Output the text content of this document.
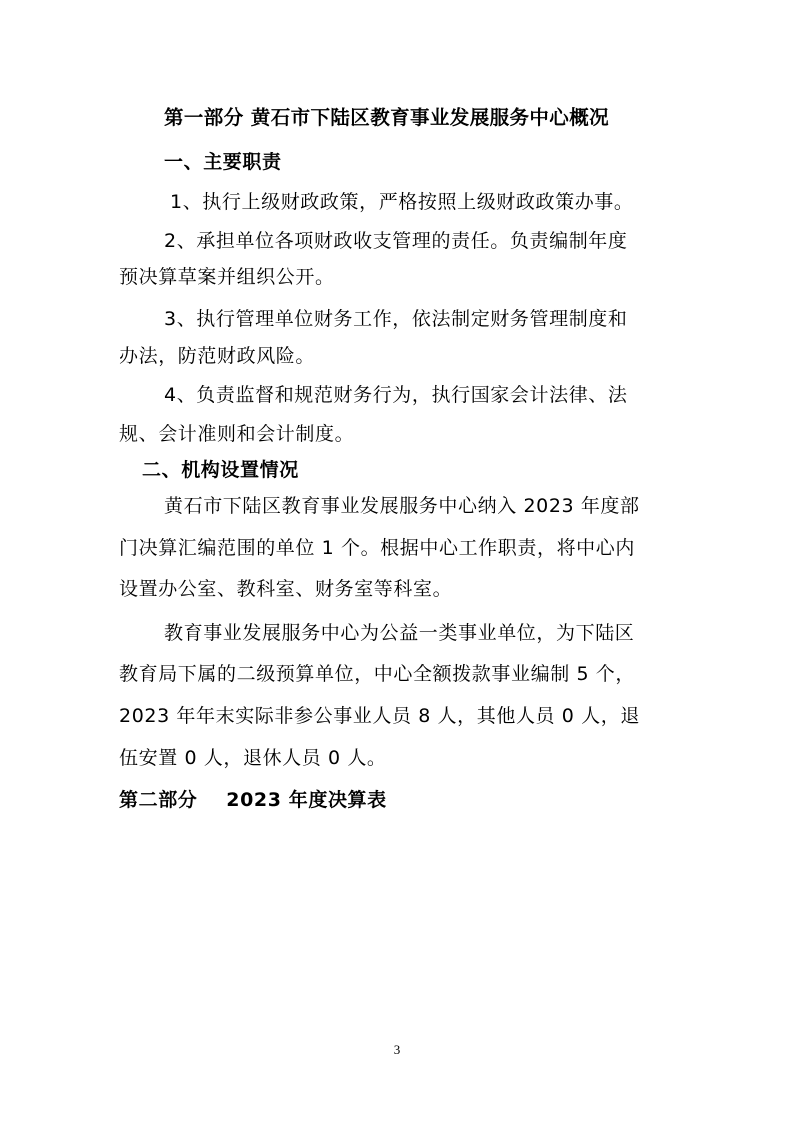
第一部分 黄石市下陆区教育事业发展服务中心概况
一、主要职责
1、执行上级财政政策，严格按照上级财政政策办事。
2、承担单位各项财政收支管理的责任。负责编制年度
预决算草案并组织公开。
3、执行管理单位财务工作，依法制定财务管理制度和
办法，防范财政风险。
4、负责监督和规范财务行为，执行国家会计法律、法
规、会计准则和会计制度。
二、机构设置情况
黄石市下陆区教育事业发展服务中心纳入 2023 年度部
门决算汇编范围的单位 1 个。根据中心工作职责，将中心内
设置办公室、教科室、财务室等科室。
教育事业发展服务中心为公益一类事业单位，为下陆区
教育局下属的二级预算单位，中心全额拨款事业编制 5 个，
2023 年年末实际非参公事业人员 8 人，其他人员 0 人，退
伍安置 0 人，退休人员 0 人。
第二部分    2023 年度决算表
3
